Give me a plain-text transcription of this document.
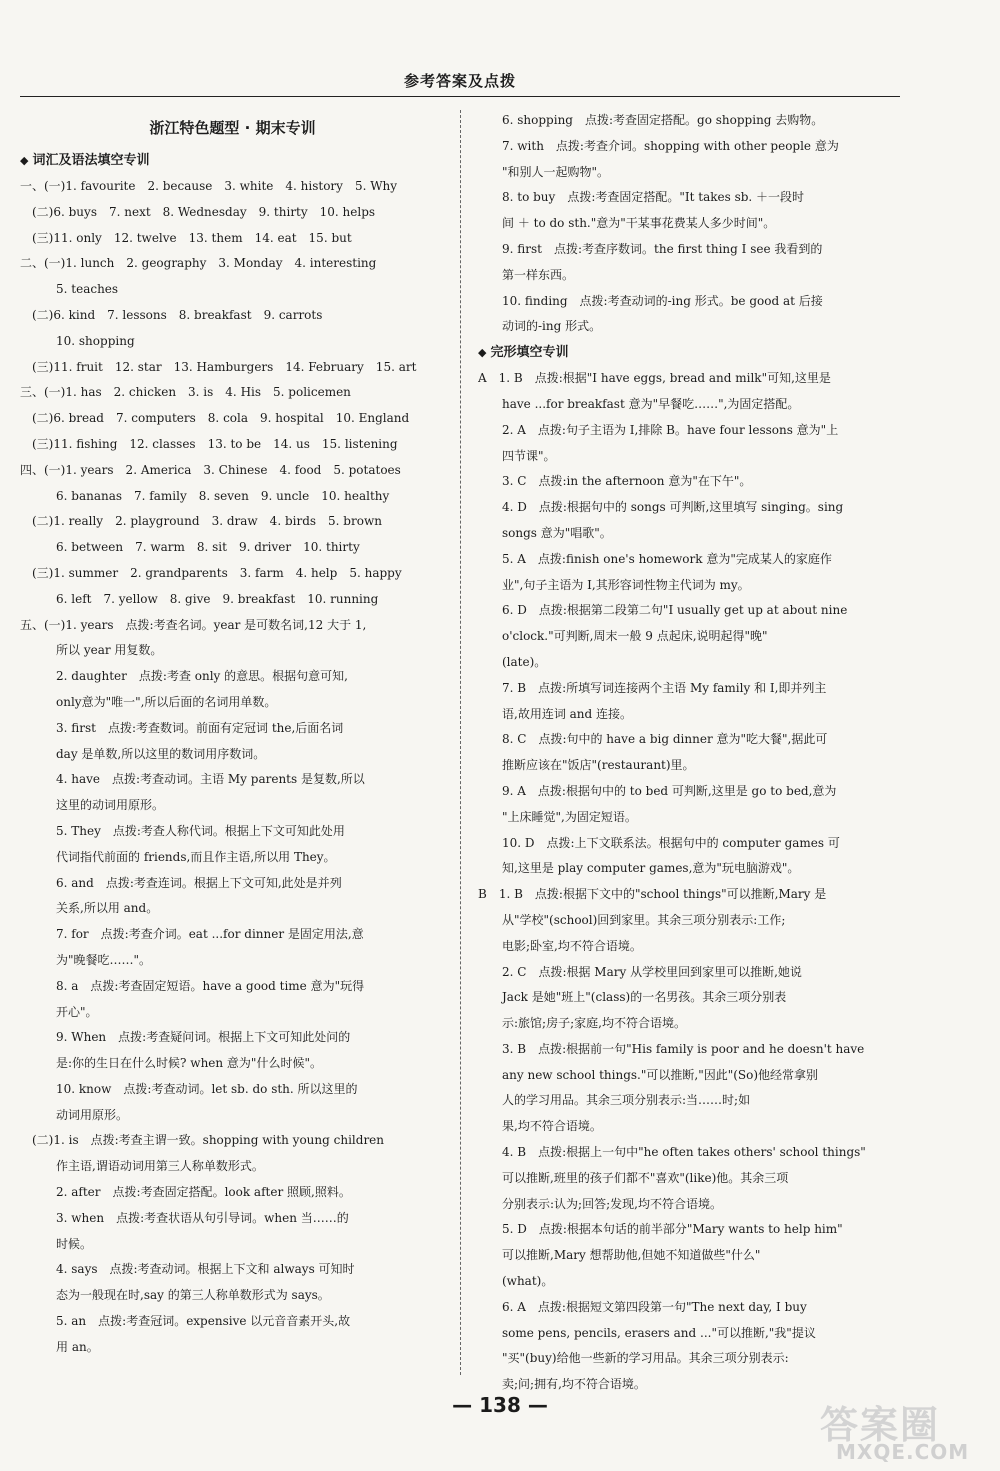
参考答案及点拨
浙江特色题型 · 期末专训
◆ 词汇及语法填空专训
一、(一)1. favourite　2. because　3. white　4. history　5. Why
　(二)6. buys　7. next　8. Wednesday　9. thirty　10. helps
　(三)11. only　12. twelve　13. them　14. eat　15. but
二、(一)1. lunch　2. geography　3. Monday　4. interesting
　　　5. teaches
　(二)6. kind　7. lessons　8. breakfast　9. carrots
　　　10. shopping
　(三)11. fruit　12. star　13. Hamburgers　14. February　15. art
三、(一)1. has　2. chicken　3. is　4. His　5. policemen
　(二)6. bread　7. computers　8. cola　9. hospital　10. England
　(三)11. fishing　12. classes　13. to be　14. us　15. listening
四、(一)1. years　2. America　3. Chinese　4. food　5. potatoes
　　　6. bananas　7. family　8. seven　9. uncle　10. healthy
　(二)1. really　2. playground　3. draw　4. birds　5. brown
　　　6. between　7. warm　8. sit　9. driver　10. thirty
　(三)1. summer　2. grandparents　3. farm　4. help　5. happy
　　　6. left　7. yellow　8. give　9. breakfast　10. running
五、(一)1. years　点拨:考查名词。year 是可数名词,12 大于 1,
　　　所以 year 用复数。
　　　2. daughter　点拨:考查 only 的意思。根据句意可知,
　　　only意为"唯一",所以后面的名词用单数。
　　　3. first　点拨:考查数词。前面有定冠词 the,后面名词
　　　day 是单数,所以这里的数词用序数词。
　　　4. have　点拨:考查动词。主语 My parents 是复数,所以
　　　这里的动词用原形。
　　　5. They　点拨:考查人称代词。根据上下文可知此处用
　　　代词指代前面的 friends,而且作主语,所以用 They。
　　　6. and　点拨:考查连词。根据上下文可知,此处是并列
　　　关系,所以用 and。
　　　7. for　点拨:考查介词。eat ...for dinner 是固定用法,意
　　　为"晚餐吃……"。
　　　8. a　点拨:考查固定短语。have a good time 意为"玩得
　　　开心"。
　　　9. When　点拨:考查疑问词。根据上下文可知此处问的
　　　是:你的生日在什么时候? when 意为"什么时候"。
　　　10. know　点拨:考查动词。let sb. do sth. 所以这里的
　　　动词用原形。
　(二)1. is　点拨:考查主谓一致。shopping with young children
　　　作主语,谓语动词用第三人称单数形式。
　　　2. after　点拨:考查固定搭配。look after 照顾,照料。
　　　3. when　点拨:考查状语从句引导词。when 当……的
　　　时候。
　　　4. says　点拨:考查动词。根据上下文和 always 可知时
　　　态为一般现在时,say 的第三人称单数形式为 says。
　　　5. an　点拨:考查冠词。expensive 以元音音素开头,故
　　　用 an。
　　6. shopping　点拨:考查固定搭配。go shopping 去购物。
　　7. with　点拨:考查介词。shopping with other people 意为
　　"和别人一起购物"。
　　8. to buy　点拨:考查固定搭配。"It takes sb. ＋一段时
　　间 ＋ to do sth."意为"干某事花费某人多少时间"。
　　9. first　点拨:考查序数词。the first thing I see 我看到的
　　第一样东西。
　　10. finding　点拨:考查动词的-ing 形式。be good at 后接
　　动词的-ing 形式。
◆ 完形填空专训
A　1. B　点拨:根据"I have eggs, bread and milk"可知,这里是
　　have ...for breakfast 意为"早餐吃……",为固定搭配。
　　2. A　点拨:句子主语为 I,排除 B。have four lessons 意为"上
　　四节课"。
　　3. C　点拨:in the afternoon 意为"在下午"。
　　4. D　点拨:根据句中的 songs 可判断,这里填写 singing。sing
　　songs 意为"唱歌"。
　　5. A　点拨:finish one's homework 意为"完成某人的家庭作
　　业",句子主语为 I,其形容词性物主代词为 my。
　　6. D　点拨:根据第二段第二句"I usually get up at about nine
　　o'clock."可判断,周末一般 9 点起床,说明起得"晚"
　　(late)。
　　7. B　点拨:所填写词连接两个主语 My family 和 I,即并列主
　　语,故用连词 and 连接。
　　8. C　点拨:句中的 have a big dinner 意为"吃大餐",据此可
　　推断应该在"饭店"(restaurant)里。
　　9. A　点拨:根据句中的 to bed 可判断,这里是 go to bed,意为
　　"上床睡觉",为固定短语。
　　10. D　点拨:上下文联系法。根据句中的 computer games 可
　　知,这里是 play computer games,意为"玩电脑游戏"。
B　1. B　点拨:根据下文中的"school things"可以推断,Mary 是
　　从"学校"(school)回到家里。其余三项分别表示:工作;
　　电影;卧室,均不符合语境。
　　2. C　点拨:根据 Mary 从学校里回到家里可以推断,她说
　　Jack 是她"班上"(class)的一名男孩。其余三项分别表
　　示:旅馆;房子;家庭,均不符合语境。
　　3. B　点拨:根据前一句"His family is poor and he doesn't have
　　any new school things."可以推断,"因此"(So)他经常拿别
　　人的学习用品。其余三项分别表示:当……时;如
　　果,均不符合语境。
　　4. B　点拨:根据上一句中"he often takes others' school things"
　　可以推断,班里的孩子们都不"喜欢"(like)他。其余三项
　　分别表示:认为;回答;发现,均不符合语境。
　　5. D　点拨:根据本句话的前半部分"Mary wants to help him"
　　可以推断,Mary 想帮助他,但她不知道做些"什么"
　　(what)。
　　6. A　点拨:根据短文第四段第一句"The next day, I buy
　　some pens, pencils, erasers and ..."可以推断,"我"提议
　　"买"(buy)给他一些新的学习用品。其余三项分别表示:
　　卖;问;拥有,均不符合语境。
— 138 —	答案圈
MXQE.COM
